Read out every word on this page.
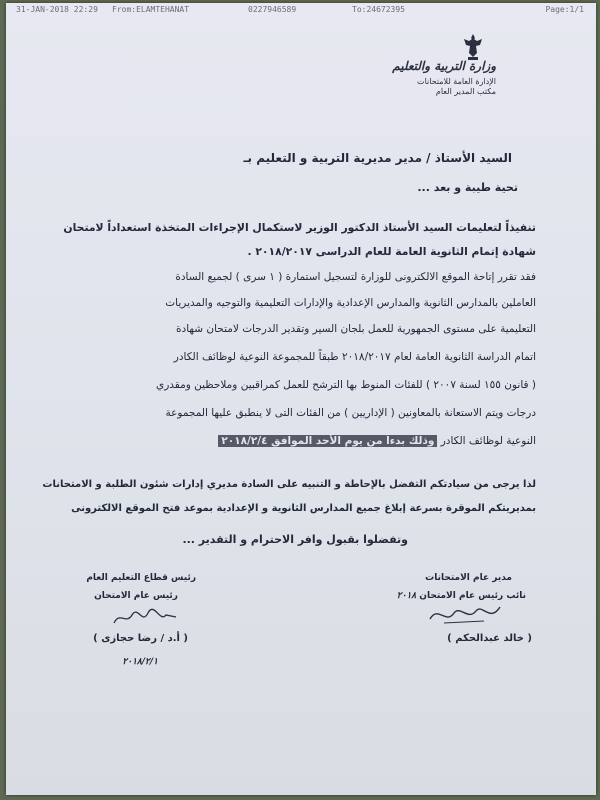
31-JAN-2018 22:29 From:ELAMTEHANAT	0227946589	To:24672395	Page:1/1
وزارة التربية والتعليم
الإدارة العامة للامتحانات
مكتب المدير العام
السيد الأستاذ / مدير مديرية التربية و التعليم بـ
تحية طيبة و بعد ...
تنفيذاً لتعليمات السيد الأستاذ الدكتور الوزير لاستكمال الإجراءات المتخذة استعداداً لامتحان
شهادة إتمام الثانوية العامة للعام الدراسى ٢٠١٨/٢٠١٧ .
فقد تقرر إتاحة الموقع الالكترونى للوزارة لتسجيل استمارة ( ١ سرى ) لجميع السادة
العاملين بالمدارس الثانوية والمدارس الإعدادية والإدارات التعليمية والتوجيه والمديريات
التعليمية على مستوى الجمهورية للعمل بلجان السير وتقدير الدرجات لامتحان شهادة
اتمام الدراسة الثانوية العامة لعام ٢٠١٨/٢٠١٧ طبقاً للمجموعة النوعية لوظائف الكادر
( قانون ١٥٥ لسنة ٢٠٠٧ ) للفئات المنوط بها الترشح للعمل كمراقبين وملاحظين ومقدري
درجات ويتم الاستعانة بالمعاونين ( الإداريين ) من الفئات التى لا ينطبق عليها المجموعة
النوعية لوظائف الكادر وذلك بدءاً من يوم الأحد الموافق ٢٠١٨/٢/٤
لذا يرجى من سيادتكم التفضل بالإحاطة و التنبيه على السادة مديري إدارات شئون الطلبة و الامتحانات
بمديريتكم الموقرة بسرعة إبلاغ جميع المدارس الثانوية و الإعدادية بموعد فتح الموقع الالكترونى
وتفضلوا بقبول وافر الاحترام و التقدير ...
رئيس قطاع التعليم العام
رئيس عام الامتحان
( أ.د / رضا حجازى )
٢٠١٨/٢/١
مدير عام الامتحانات
نائب رئيس عام الامتحان ٢٠١٨
( خالد عبدالحكم )
